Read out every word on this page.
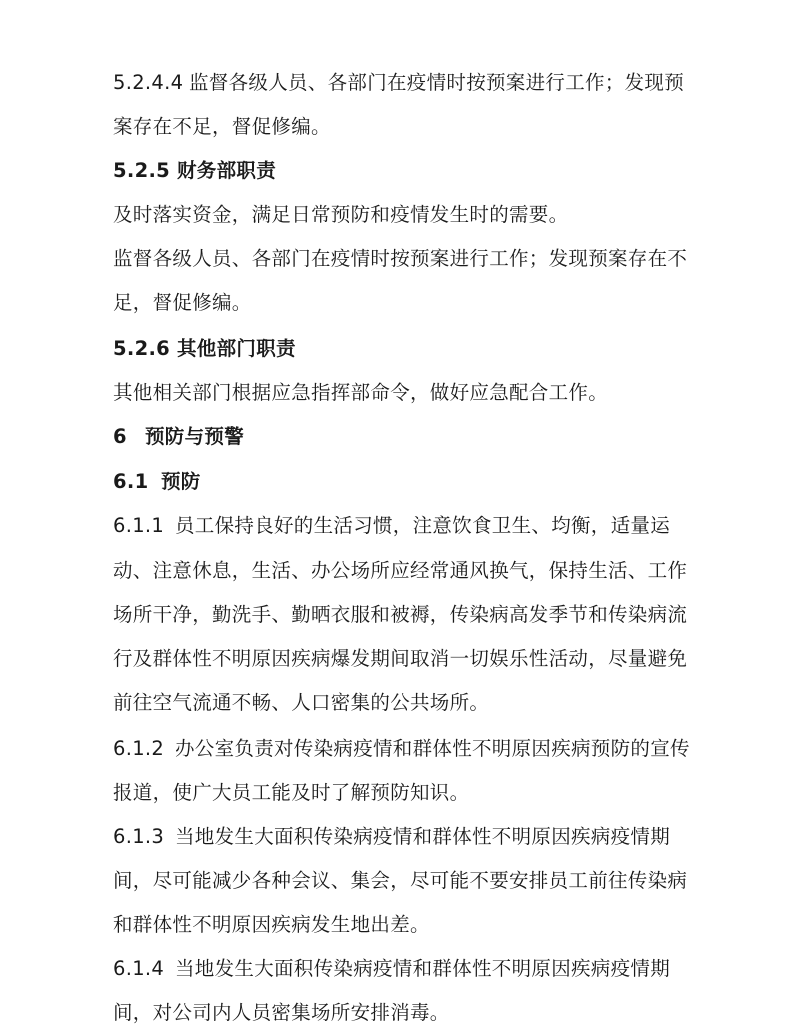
5.2.4.4 监督各级人员、各部门在疫情时按预案进行工作；发现预
案存在不足，督促修编。
5.2.5 财务部职责
及时落实资金，满足日常预防和疫情发生时的需要。
监督各级人员、各部门在疫情时按预案进行工作；发现预案存在不
足，督促修编。
5.2.6 其他部门职责
其他相关部门根据应急指挥部命令，做好应急配合工作。
6 预防与预警
6.1 预防
6.1.1 员工保持良好的生活习惯，注意饮食卫生、均衡，适量运
动、注意休息，生活、办公场所应经常通风换气，保持生活、工作
场所干净，勤洗手、勤晒衣服和被褥，传染病高发季节和传染病流
行及群体性不明原因疾病爆发期间取消一切娱乐性活动，尽量避免
前往空气流通不畅、人口密集的公共场所。
6.1.2 办公室负责对传染病疫情和群体性不明原因疾病预防的宣传
报道，使广大员工能及时了解预防知识。
6.1.3 当地发生大面积传染病疫情和群体性不明原因疾病疫情期
间，尽可能减少各种会议、集会，尽可能不要安排员工前往传染病
和群体性不明原因疾病发生地出差。
6.1.4 当地发生大面积传染病疫情和群体性不明原因疾病疫情期
间，对公司内人员密集场所安排消毒。
